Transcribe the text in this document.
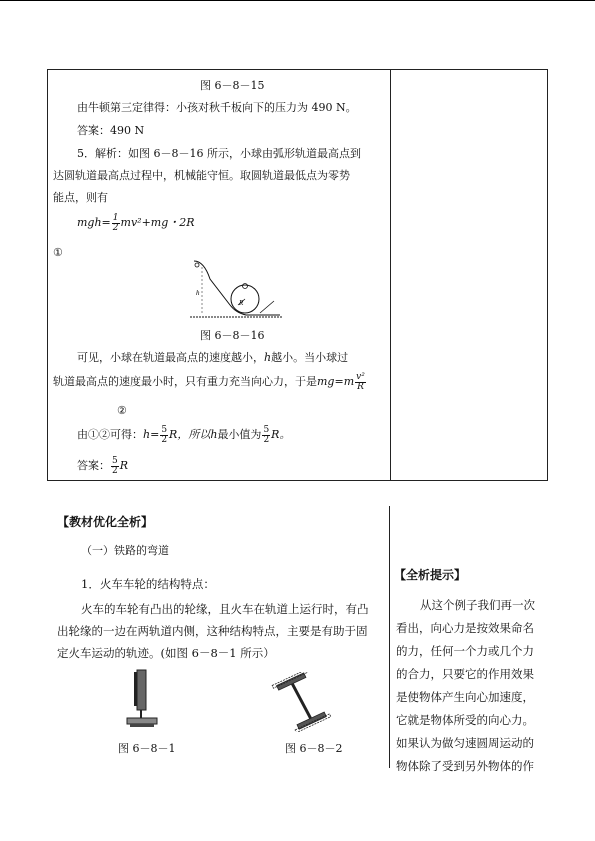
图 6－8－15
由牛顿第三定律得：小孩对秋千板向下的压力为 490 N。
答案：490 N
5．解析：如图 6－8－16 所示，小球由弧形轨道最高点到
达圆轨道最高点过程中，机械能守恒。取圆轨道最低点为零势
能点，则有
$mgh= \frac{1}{2} mv^2+mg$・2R
①
h
R
图 6－8－16
可见，小球在轨道最高点的速度越小，h越小。当小球过
轨道最高点的速度最小时，只有重力充当向心力，于是$mg=m \frac{\text{v²}}{R}$
②
由①②可得：$h= \frac{5}{2}$ R，所以h最小值为 $\frac{5}{2}$ R。
答案： $\frac{5}{2}$ R
【教材优化全析】
（一）铁路的弯道
1．火车车轮的结构特点：
火车的车轮有凸出的轮缘，且火车在轨道上运行时，有凸
出轮缘的一边在两轨道内侧，这种结构特点，主要是有助于固
定火车运动的轨迹。(如图 6－8－1 所示）
图 6－8－1	图 6－8－2
【全析提示】
从这个例子我们再一次
看出，向心力是按效果命名
的力，任何一个力或几个力
的合力，只要它的作用效果
是使物体产生向心加速度，
它就是物体所受的向心力。
如果认为做匀速圆周运动的
物体除了受到另外物体的作
